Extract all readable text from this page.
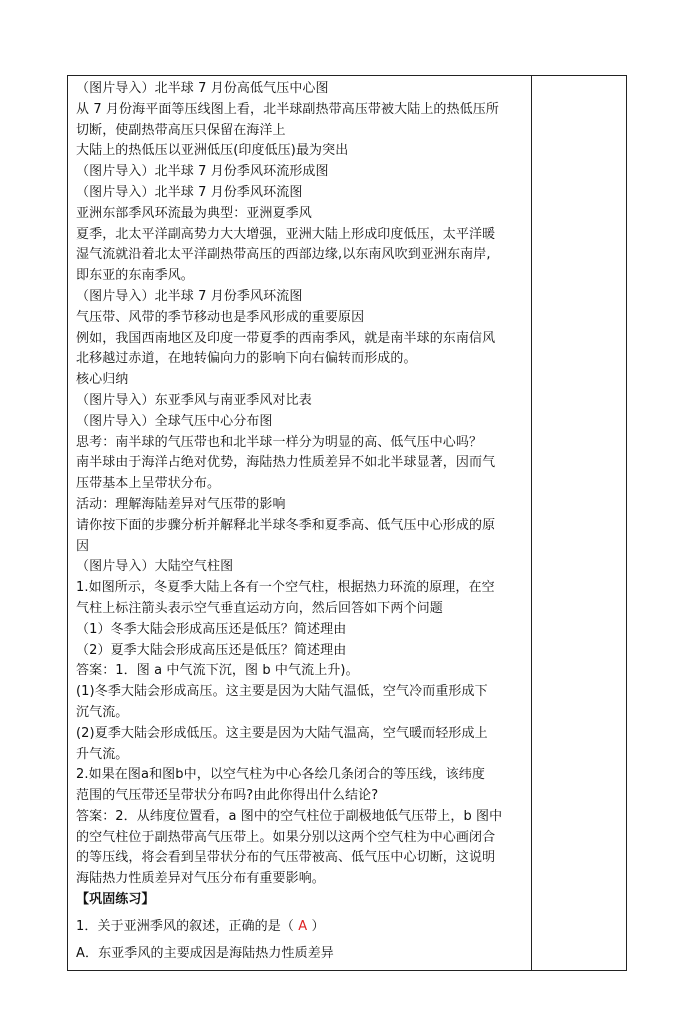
（图片导入）北半球 7 月份高低气压中心图
从 7 月份海平面等压线图上看，北半球副热带高压带被大陆上的热低压所
切断，使副热带高压只保留在海洋上
大陆上的热低压以亚洲低压(印度低压)最为突出
（图片导入）北半球 7 月份季风环流形成图
（图片导入）北半球 7 月份季风环流图
亚洲东部季风环流最为典型：亚洲夏季风
夏季，北太平洋副高势力大大增强，亚洲大陆上形成印度低压，太平洋暖
湿气流就沿着北太平洋副热带高压的西部边缘,以东南风吹到亚洲东南岸,
即东亚的东南季风。
（图片导入）北半球 7 月份季风环流图
气压带、风带的季节移动也是季风形成的重要原因
例如，我国西南地区及印度一带夏季的西南季风，就是南半球的东南信风
北移越过赤道，在地转偏向力的影响下向右偏转而形成的。
核心归纳
（图片导入）东亚季风与南亚季风对比表
（图片导入）全球气压中心分布图
思考：南半球的气压带也和北半球一样分为明显的高、低气压中心吗？
南半球由于海洋占绝对优势，海陆热力性质差异不如北半球显著，因而气
压带基本上呈带状分布。
活动：理解海陆差异对气压带的影响
请你按下面的步骤分析并解释北半球冬季和夏季高、低气压中心形成的原
因
（图片导入）大陆空气柱图
1.如图所示，冬夏季大陆上各有一个空气柱，根据热力环流的原理，在空
气柱上标注箭头表示空气垂直运动方向，然后回答如下两个问题
（1）冬季大陆会形成高压还是低压？简述理由
（2）夏季大陆会形成高压还是低压？简述理由
答案：1．图 a 中气流下沉，图 b 中气流上升)。
(1)冬季大陆会形成高压。这主要是因为大陆气温低，空气冷而重形成下
沉气流。
(2)夏季大陆会形成低压。这主要是因为大陆气温高，空气暖而轻形成上
升气流。
2.如果在图a和图b中，以空气柱为中心各绘几条闭合的等压线，该纬度
范围的气压带还呈带状分布吗?由此你得出什么结论?
答案：2．从纬度位置看，a 图中的空气柱位于副极地低气压带上，b 图中
的空气柱位于副热带高气压带上。如果分别以这两个空气柱为中心画闭合
的等压线，将会看到呈带状分布的气压带被高、低气压中心切断，这说明
海陆热力性质差异对气压分布有重要影响。
【巩固练习】
1．关于亚洲季风的叙述，正确的是（ A ）
A．东亚季风的主要成因是海陆热力性质差异
